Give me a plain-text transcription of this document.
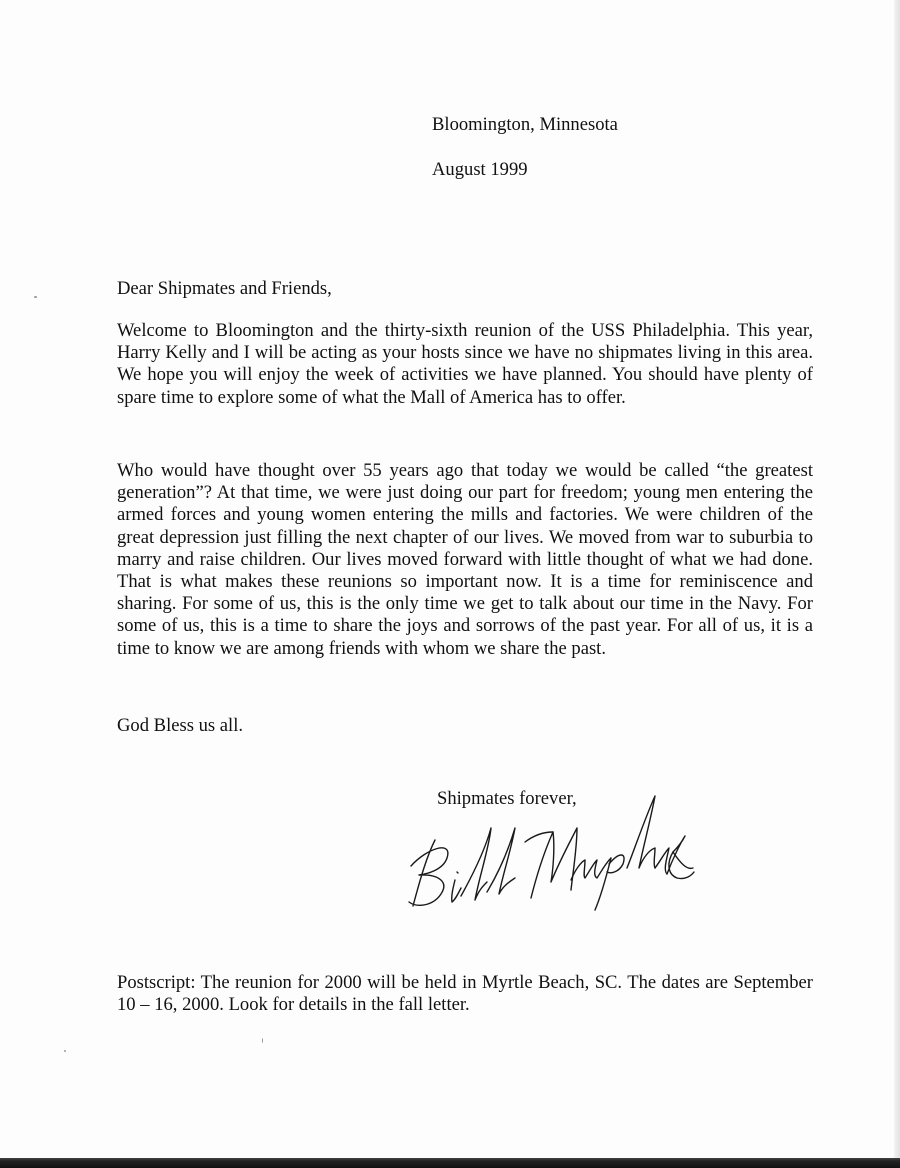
Bloomington, Minnesota

August 1999

Dear Shipmates and Friends,

Welcome to Bloomington and the thirty-sixth reunion of the USS Philadelphia. This year, Harry Kelly and I will be acting as your hosts since we have no shipmates living in this area. We hope you will enjoy the week of activities we have planned. You should have plenty of spare time to explore some of what the Mall of America has to offer.

Who would have thought over 55 years ago that today we would be called “the greatest generation”? At that time, we were just doing our part for freedom; young men entering the armed forces and young women entering the mills and factories. We were children of the great depression just filling the next chapter of our lives. We moved from war to suburbia to marry and raise children. Our lives moved forward with little thought of what we had done. That is what makes these reunions so important now. It is a time for reminiscence and sharing. For some of us, this is the only time we get to talk about our time in the Navy. For some of us, this is a time to share the joys and sorrows of the past year. For all of us, it is a time to know we are among friends with whom we share the past.

God Bless us all.

Shipmates forever,

Postscript: The reunion for 2000 will be held in Myrtle Beach, SC. The dates are September 10 – 16, 2000. Look for details in the fall letter.
